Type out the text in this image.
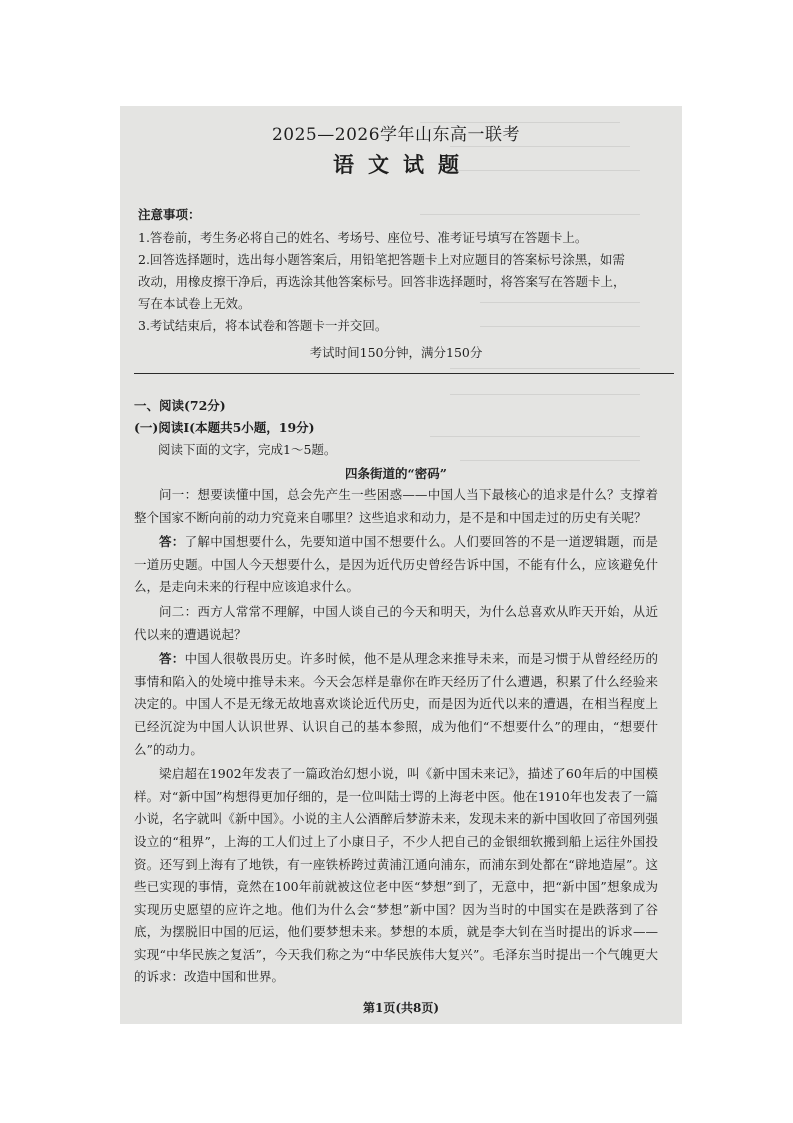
2025—2026学年山东高一联考
语文试题
注意事项：
1.答卷前，考生务必将自己的姓名、考场号、座位号、准考证号填写在答题卡上。
2.回答选择题时，选出每小题答案后，用铅笔把答题卡上对应题目的答案标号涂黑，如需改动，用橡皮擦干净后，再选涂其他答案标号。回答非选择题时，将答案写在答题卡上，写在本试卷上无效。
3.考试结束后，将本试卷和答题卡一并交回。
考试时间150分钟，满分150分
一、阅读(72分)
(一)阅读Ⅰ(本题共5小题，19分)
阅读下面的文字，完成1～5题。
四条街道的“密码”
问一：想要读懂中国，总会先产生一些困惑——中国人当下最核心的追求是什么？支撑着整个国家不断向前的动力究竟来自哪里？这些追求和动力，是不是和中国走过的历史有关呢？
答：了解中国想要什么，先要知道中国不想要什么。人们要回答的不是一道逻辑题，而是一道历史题。中国人今天想要什么，是因为近代历史曾经告诉中国，不能有什么，应该避免什么，是走向未来的行程中应该追求什么。
问二：西方人常常不理解，中国人谈自己的今天和明天，为什么总喜欢从昨天开始，从近代以来的遭遇说起？
答：中国人很敬畏历史。许多时候，他不是从理念来推导未来，而是习惯于从曾经经历的事情和陷入的处境中推导未来。今天会怎样是靠你在昨天经历了什么遭遇，积累了什么经验来决定的。中国人不是无缘无故地喜欢谈论近代历史，而是因为近代以来的遭遇，在相当程度上已经沉淀为中国人认识世界、认识自己的基本参照，成为他们“不想要什么”的理由，“想要什么”的动力。
梁启超在1902年发表了一篇政治幻想小说，叫《新中国未来记》，描述了60年后的中国模样。对“新中国”构想得更加仔细的，是一位叫陆士谔的上海老中医。他在1910年也发表了一篇小说，名字就叫《新中国》。小说的主人公酒醉后梦游未来，发现未来的新中国收回了帝国列强设立的“租界”，上海的工人们过上了小康日子，不少人把自己的金银细软搬到船上运往外国投资。还写到上海有了地铁，有一座铁桥跨过黄浦江通向浦东，而浦东到处都在“辟地造屋”。这些已实现的事情，竟然在100年前就被这位老中医“梦想”到了，无意中，把“新中国”想象成为实现历史愿望的应许之地。他们为什么会“梦想”新中国？因为当时的中国实在是跌落到了谷底，为摆脱旧中国的厄运，他们要梦想未来。梦想的本质，就是李大钊在当时提出的诉求——实现“中华民族之复活”，今天我们称之为“中华民族伟大复兴”。毛泽东当时提出一个气魄更大的诉求：改造中国和世界。
第1页(共8页)
